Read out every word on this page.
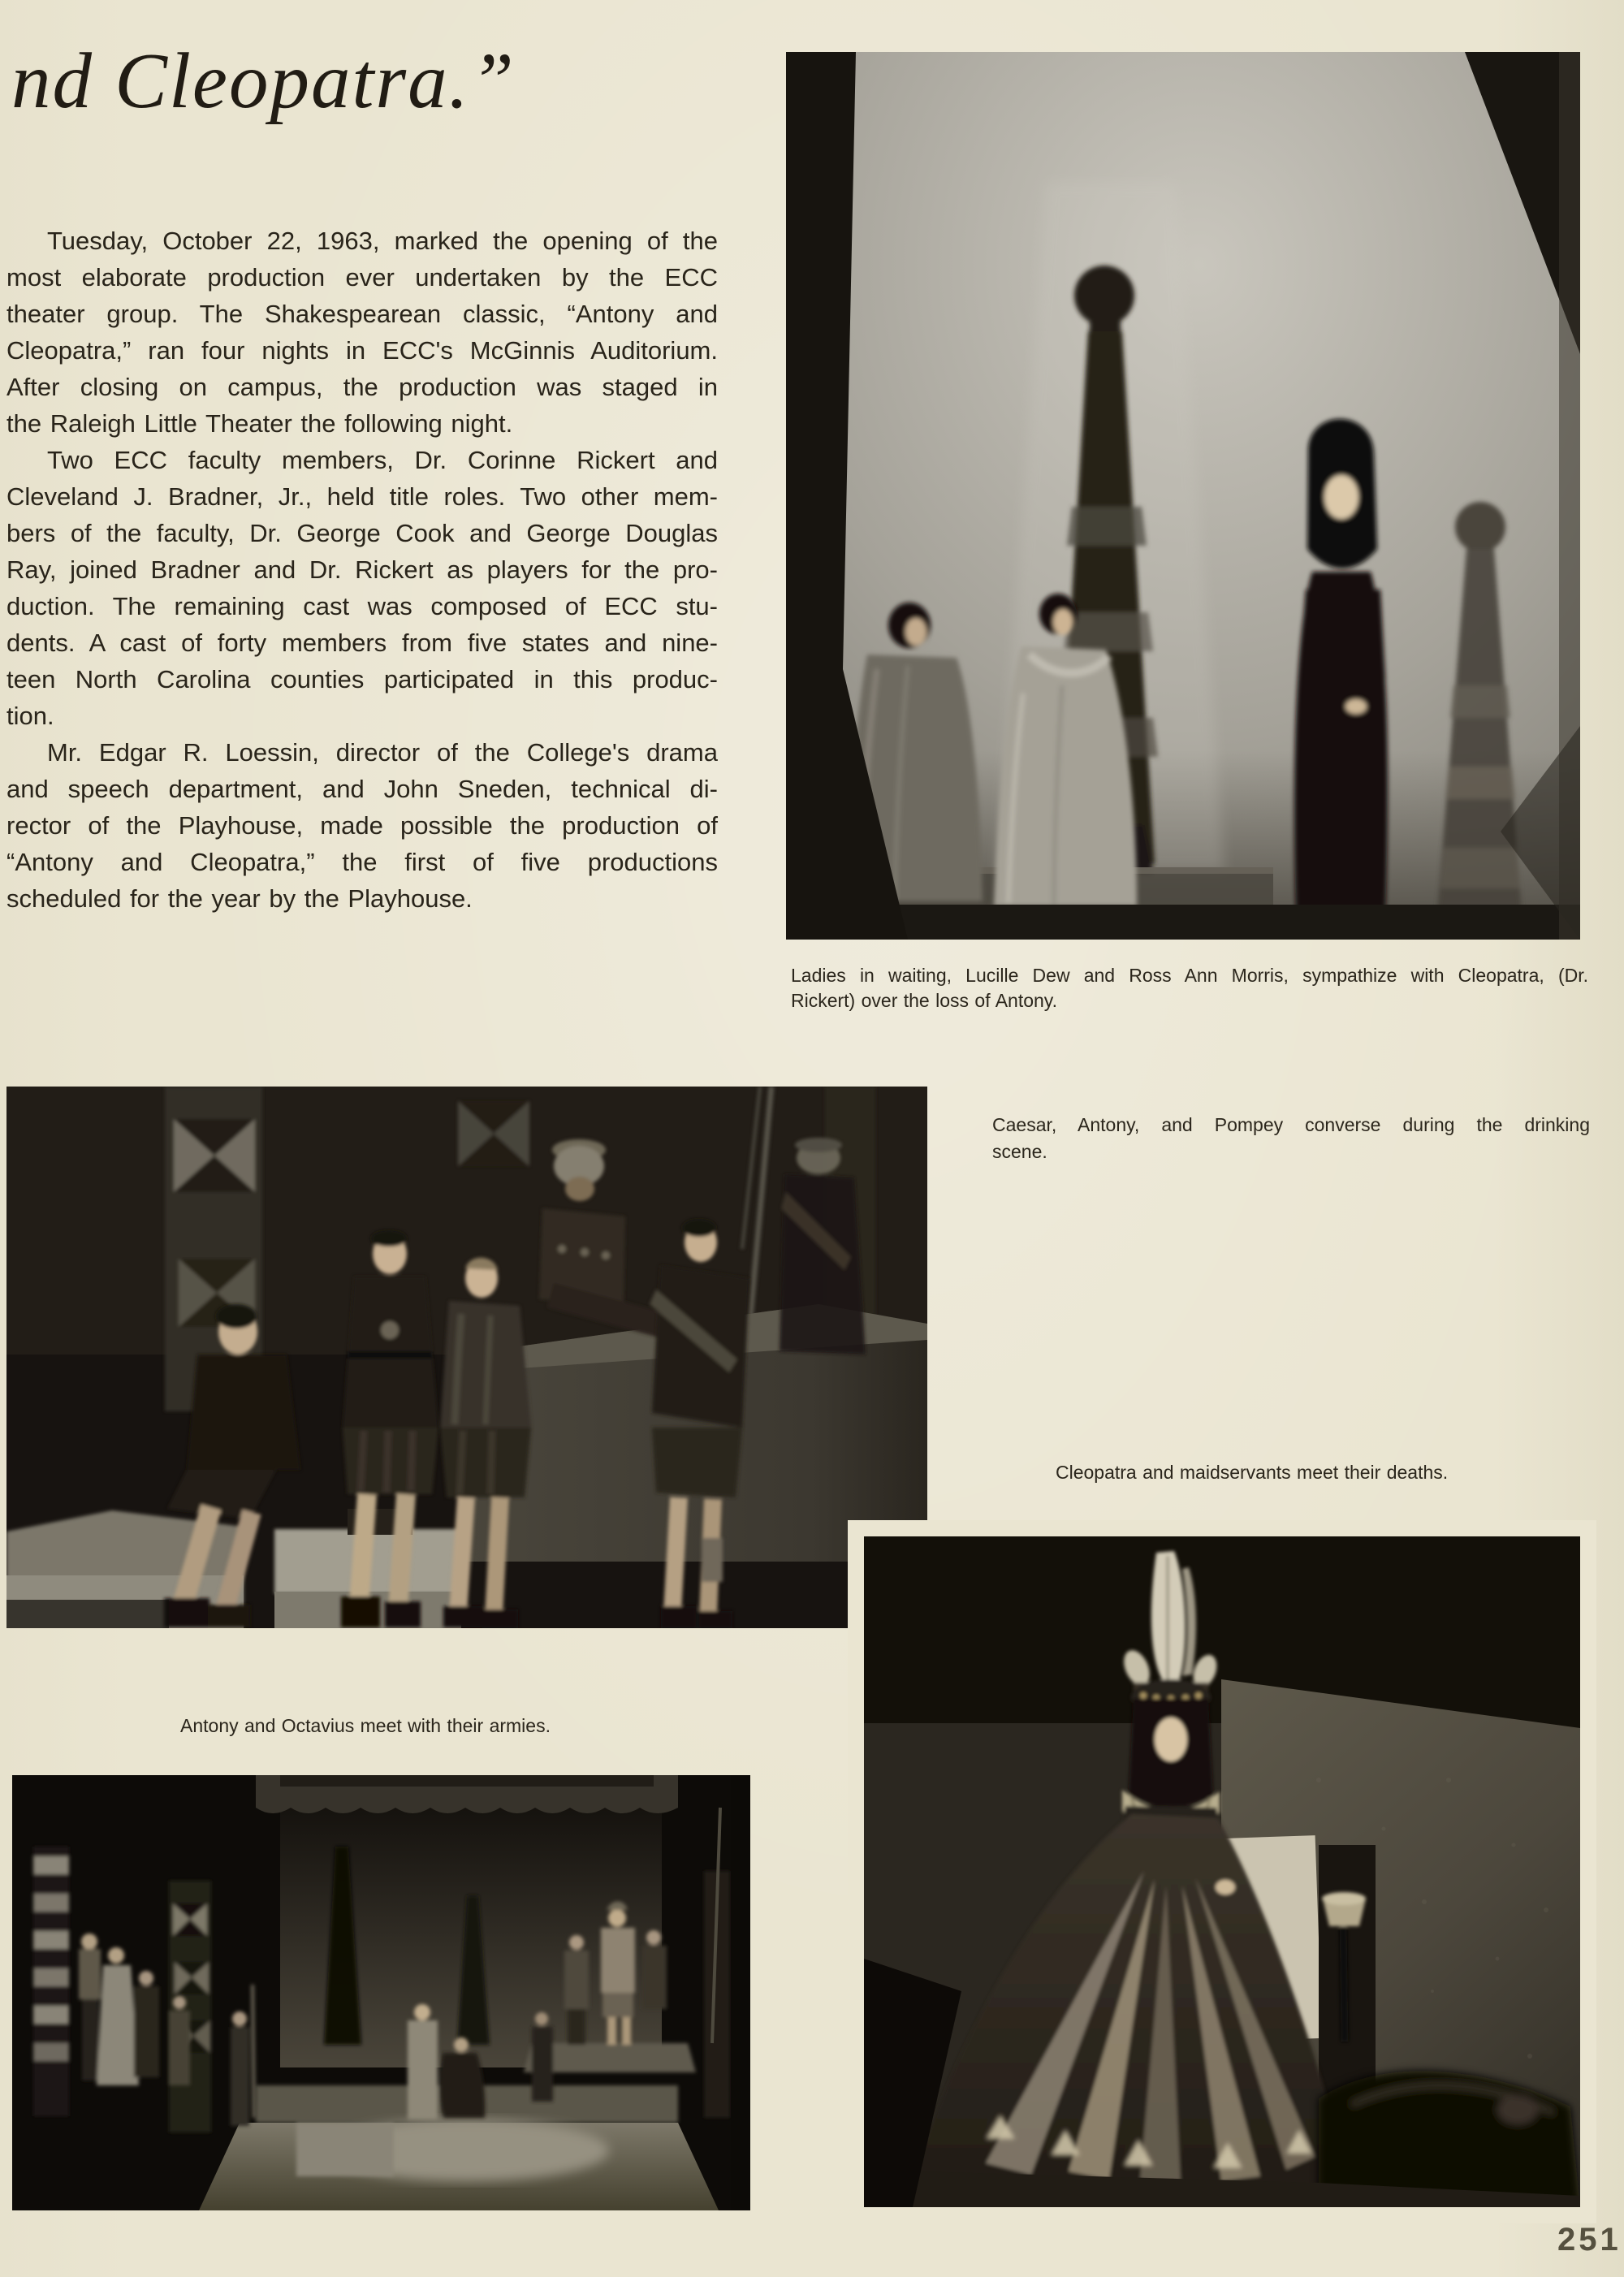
nd Cleopatra.”
Tuesday, October 22, 1963, marked the opening of the
most elaborate production ever undertaken by the ECC
theater group. The Shakespearean classic, “Antony and
Cleopatra,” ran four nights in ECC's McGinnis Auditorium.
After closing on campus, the production was staged in
the Raleigh Little Theater the following night.
Two ECC faculty members, Dr. Corinne Rickert and
Cleveland J. Bradner, Jr., held title roles. Two other mem-
bers of the faculty, Dr. George Cook and George Douglas
Ray, joined Bradner and Dr. Rickert as players for the pro-
duction. The remaining cast was composed of ECC stu-
dents. A cast of forty members from five states and nine-
teen North Carolina counties participated in this produc-
tion.
Mr. Edgar R. Loessin, director of the College's drama
and speech department, and John Sneden, technical di-
rector of the Playhouse, made possible the production of
“Antony and Cleopatra,” the first of five productions
scheduled for the year by the Playhouse.
Ladies in waiting, Lucille Dew and Ross Ann Morris, sympathize with Cleopatra, (Dr.
Rickert) over the loss of Antony.
Caesar, Antony, and Pompey converse during the drinking
scene.
Cleopatra and maidservants meet their deaths.
Antony and Octavius meet with their armies.
251
